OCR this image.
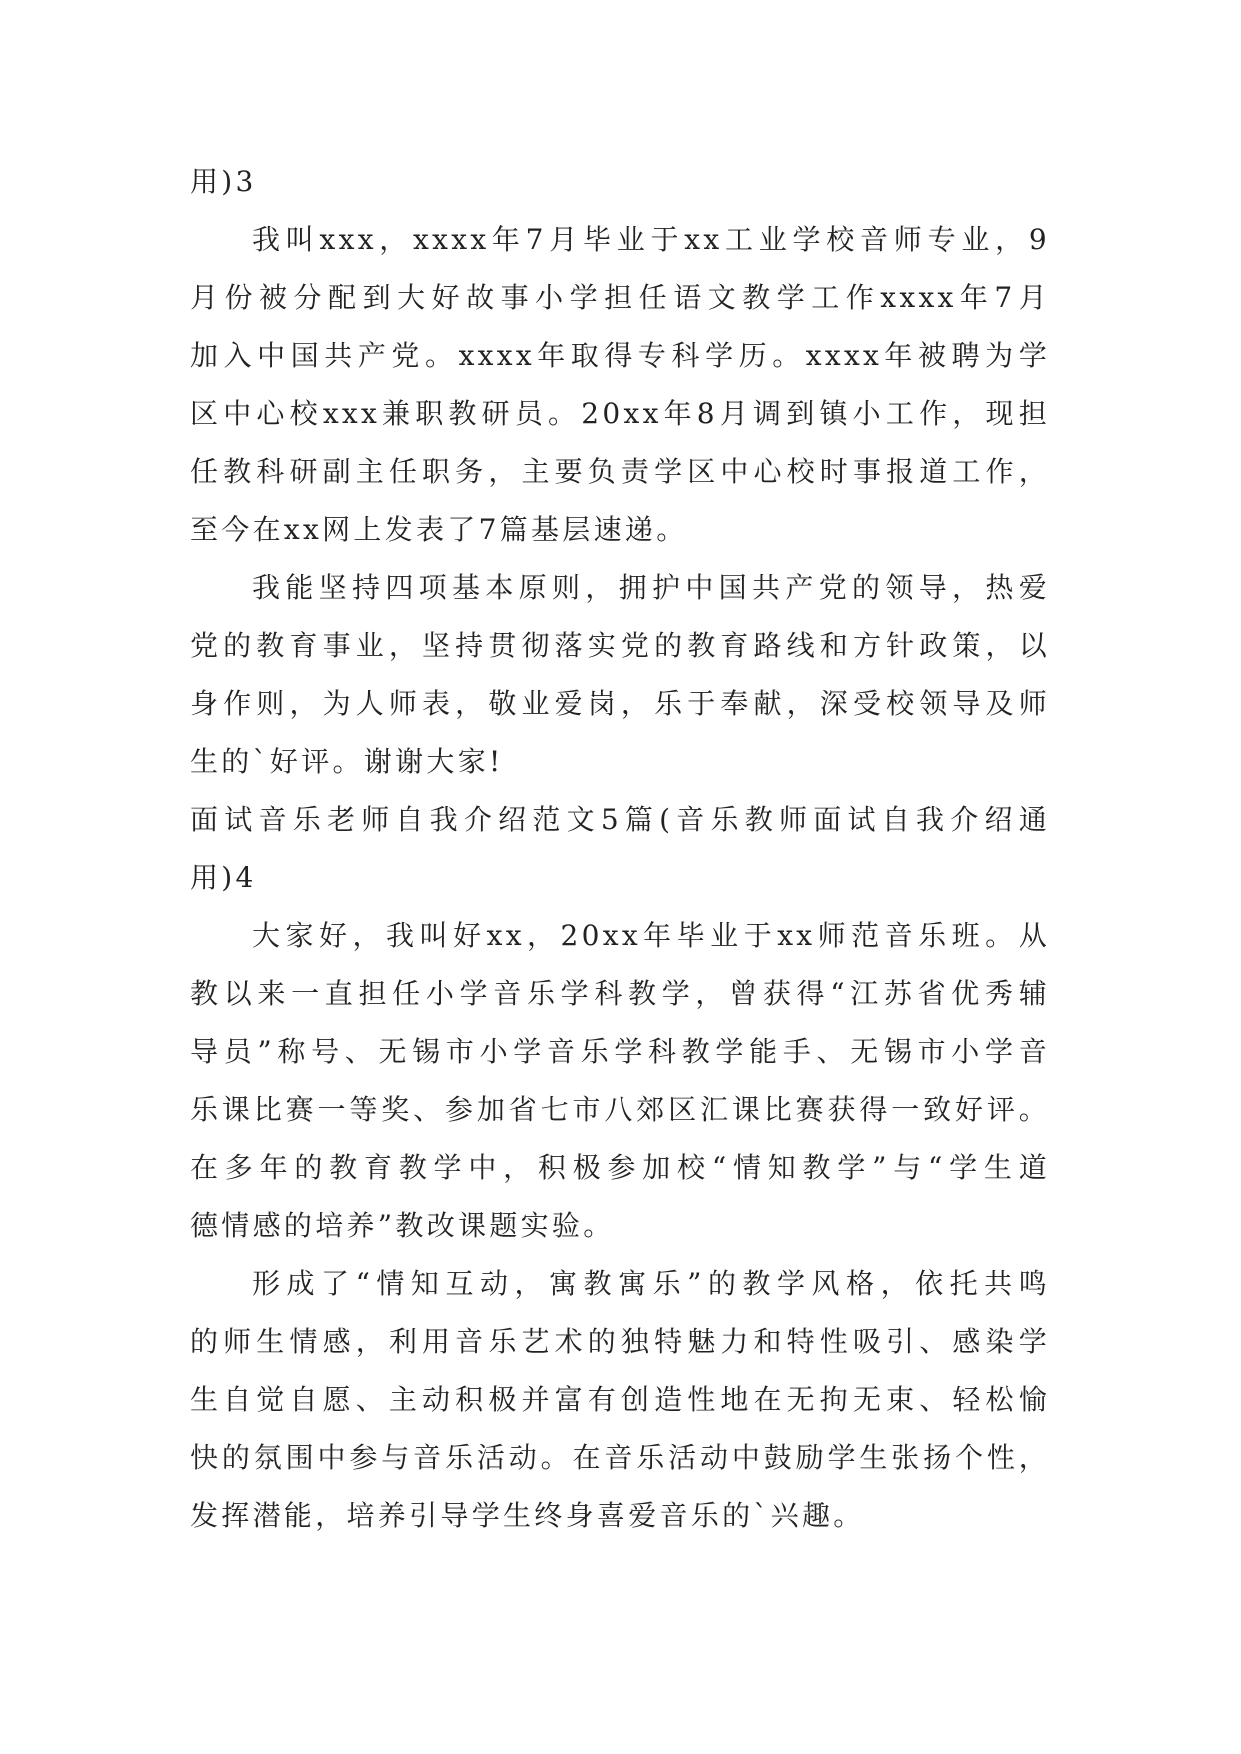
用)3
我叫xxx，xxxx年7月毕业于xx工业学校音师专业，9
月份被分配到大好故事小学担任语文教学工作xxxx年7月
加入中国共产党。xxxx年取得专科学历。xxxx年被聘为学
区中心校xxx兼职教研员。20xx年8月调到镇小工作，现担
任教科研副主任职务，主要负责学区中心校时事报道工作，
至今在xx网上发表了7篇基层速递。
我能坚持四项基本原则，拥护中国共产党的领导，热爱
党的教育事业，坚持贯彻落实党的教育路线和方针政策，以
身作则，为人师表，敬业爱岗，乐于奉献，深受校领导及师
生的`好评。谢谢大家!
面试音乐老师自我介绍范文5篇(音乐教师面试自我介绍通
用)4
大家好，我叫好xx，20xx年毕业于xx师范音乐班。从
教以来一直担任小学音乐学科教学，曾获得“江苏省优秀辅
导员”称号、无锡市小学音乐学科教学能手、无锡市小学音
乐课比赛一等奖、参加省七市八郊区汇课比赛获得一致好评。
在多年的教育教学中，积极参加校“情知教学”与“学生道
德情感的培养”教改课题实验。
形成了“情知互动，寓教寓乐”的教学风格，依托共鸣
的师生情感，利用音乐艺术的独特魅力和特性吸引、感染学
生自觉自愿、主动积极并富有创造性地在无拘无束、轻松愉
快的氛围中参与音乐活动。在音乐活动中鼓励学生张扬个性，
发挥潜能，培养引导学生终身喜爱音乐的`兴趣。
